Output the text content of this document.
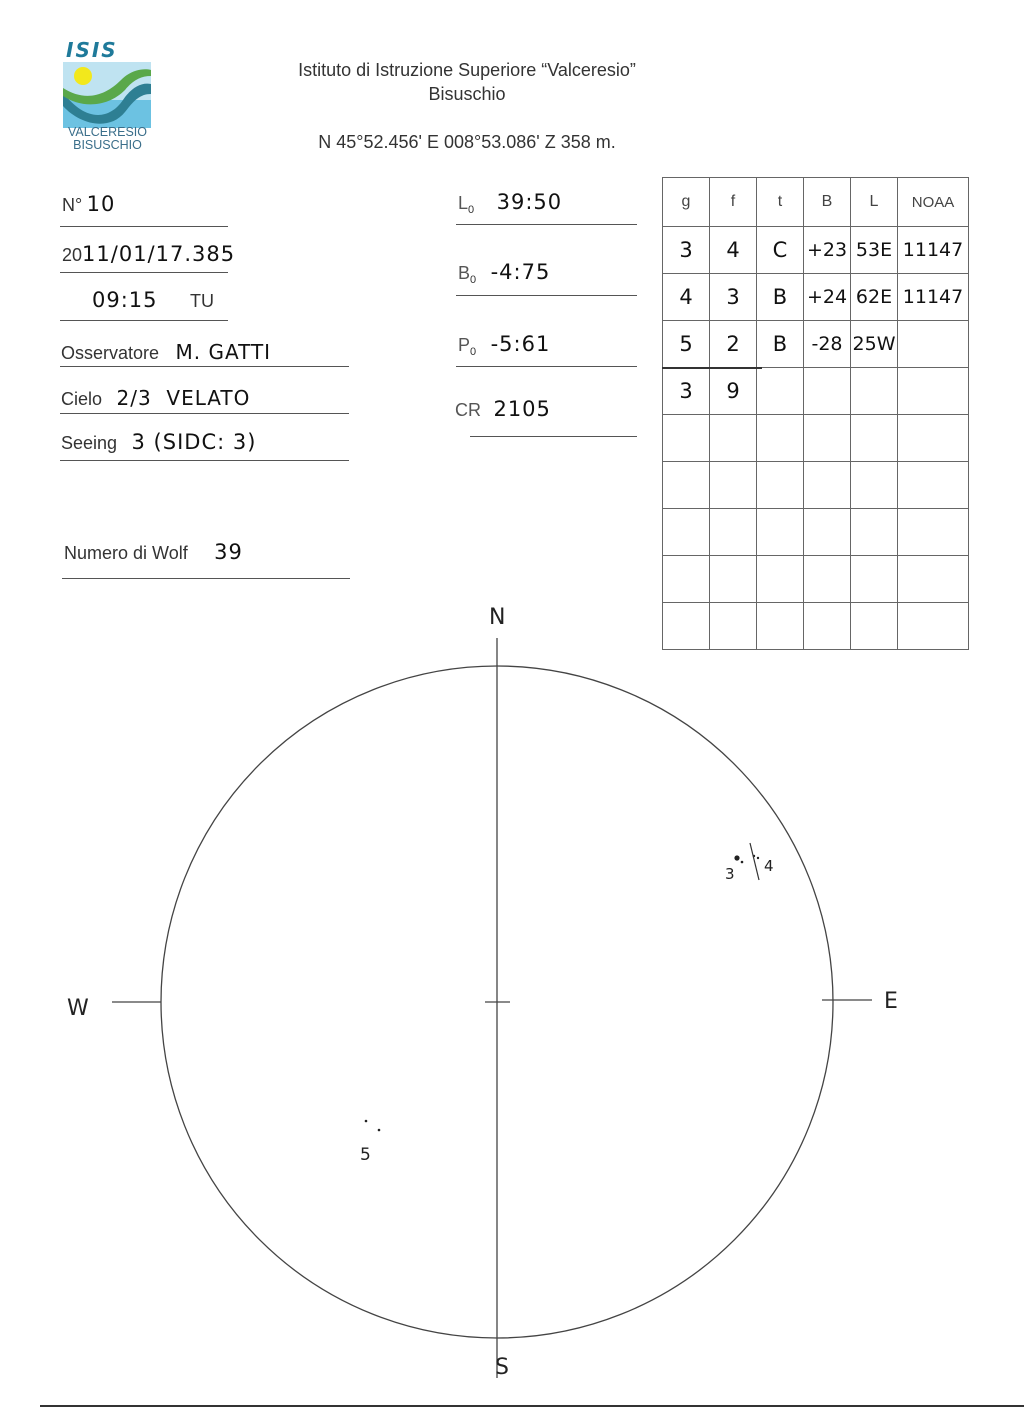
ISIS
VALCERESIO
BISUSCHIO
Istituto di Istruzione Superiore “Valceresio”
Bisuschio
N 45°52.456' E 008°53.086' Z 358 m.
N° 10
2011/01/17.385
09:15 TU
Osservatore M. GATTI
Cielo 2/3  VELATO
Seeing 3 (SIDC: 3)
Numero di Wolf 39
$L_0$ 39:50
$B_0$ -4:75
$P_0$ -5:61
CR 2105
g	f	t	B	L	NOAA
3	4	C	+23	53E	11147
4	3	B	+24	62E	11147
5	2	B	-28	25W	
3	9				

N
S
E
W
3 4
5
